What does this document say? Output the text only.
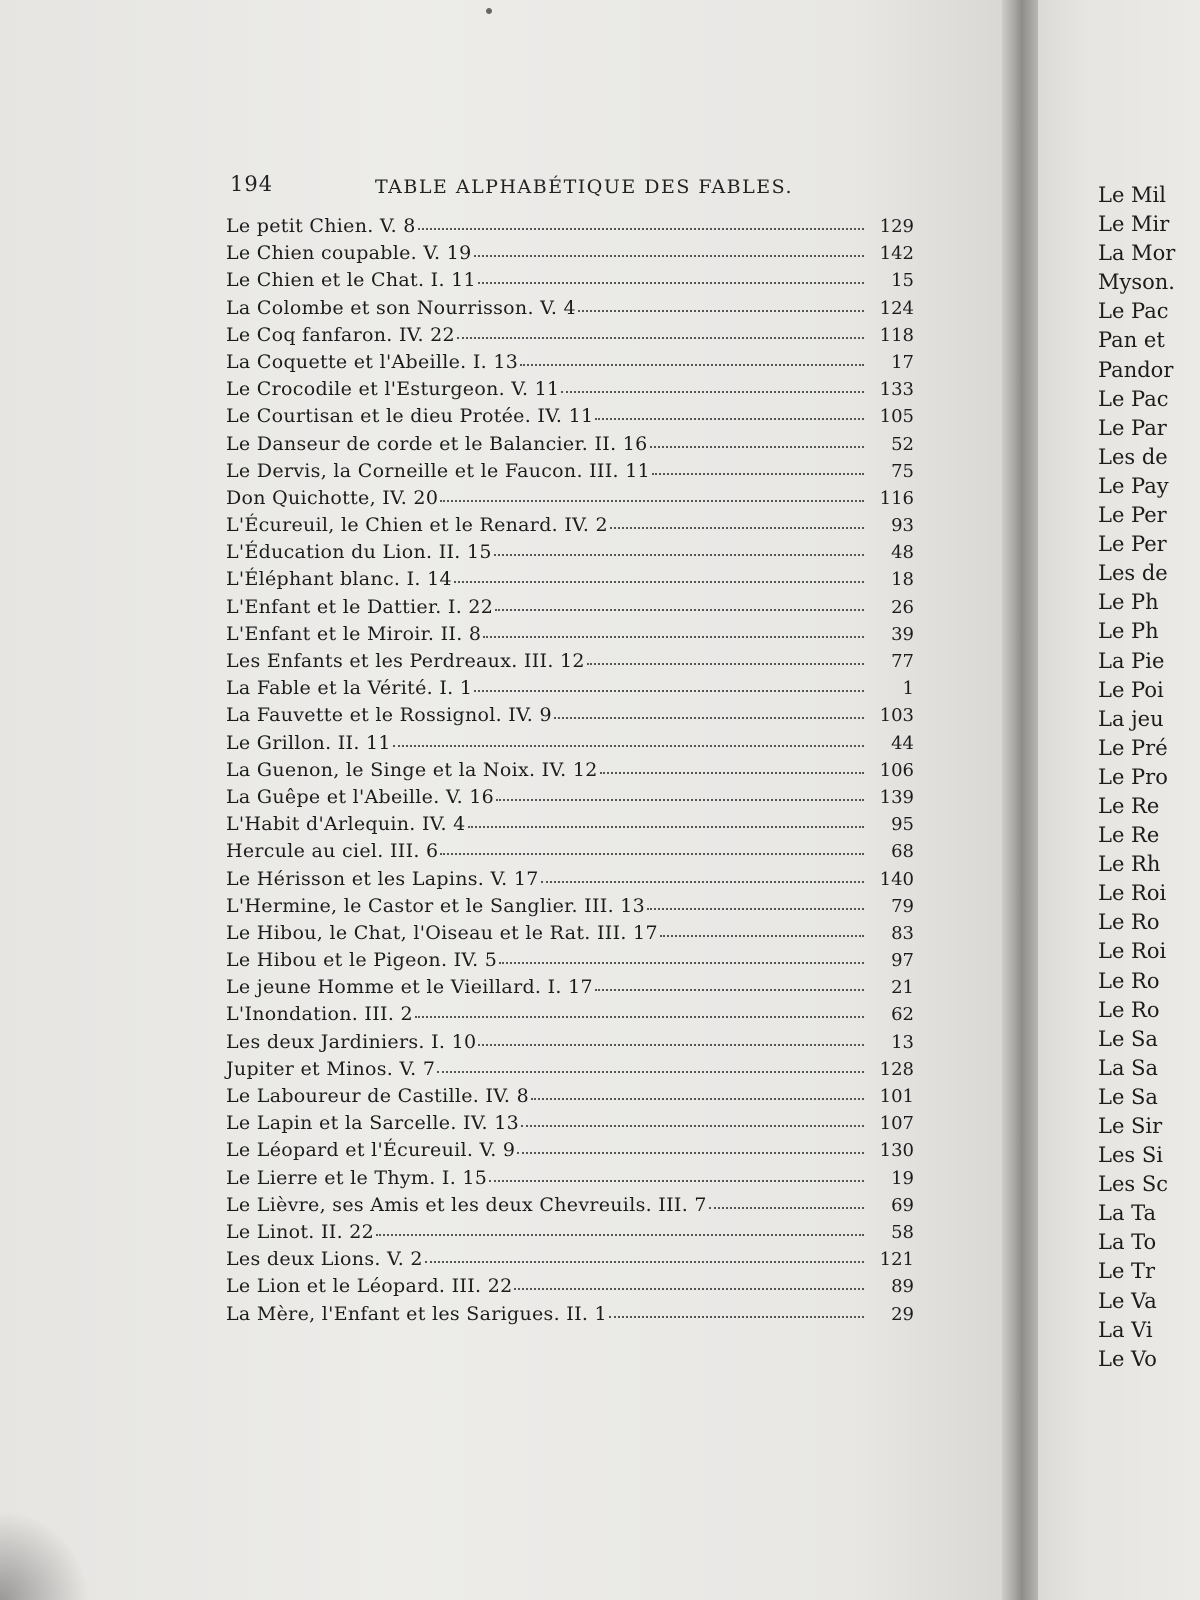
194	TABLE ALPHABÉTIQUE DES FABLES.
Le petit Chien. V. 8	129
Le Chien coupable. V. 19	142
Le Chien et le Chat. I. 11	15
La Colombe et son Nourrisson. V. 4	124
Le Coq fanfaron. IV. 22	118
La Coquette et l'Abeille. I. 13	17
Le Crocodile et l'Esturgeon. V. 11	133
Le Courtisan et le dieu Protée. IV. 11	105
Le Danseur de corde et le Balancier. II. 16	52
Le Dervis, la Corneille et le Faucon. III. 11	75
Don Quichotte, IV. 20	116
L'Écureuil, le Chien et le Renard. IV. 2	93
L'Éducation du Lion. II. 15	48
L'Éléphant blanc. I. 14	18
L'Enfant et le Dattier. I. 22	26
L'Enfant et le Miroir. II. 8	39
Les Enfants et les Perdreaux. III. 12	77
La Fable et la Vérité. I. 1	1
La Fauvette et le Rossignol. IV. 9	103
Le Grillon. II. 11	44
La Guenon, le Singe et la Noix. IV. 12	106
La Guêpe et l'Abeille. V. 16	139
L'Habit d'Arlequin. IV. 4	95
Hercule au ciel. III. 6	68
Le Hérisson et les Lapins. V. 17	140
L'Hermine, le Castor et le Sanglier. III. 13	79
Le Hibou, le Chat, l'Oiseau et le Rat. III. 17	83
Le Hibou et le Pigeon. IV. 5	97
Le jeune Homme et le Vieillard. I. 17	21
L'Inondation. III. 2	62
Les deux Jardiniers. I. 10	13
Jupiter et Minos. V. 7	128
Le Laboureur de Castille. IV. 8	101
Le Lapin et la Sarcelle. IV. 13	107
Le Léopard et l'Écureuil. V. 9	130
Le Lierre et le Thym. I. 15	19
Le Lièvre, ses Amis et les deux Chevreuils. III. 7	69
Le Linot. II. 22	58
Les deux Lions. V. 2	121
Le Lion et le Léopard. III. 22	89
La Mère, l'Enfant et les Sarigues. II. 1	29
Le Mil
Le Mir
La Mor
Myson.
Le Pac
Pan et
Pandor
Le Pac
Le Par
Les de
Le Pay
Le Per
Le Per
Les de
Le Ph
Le Ph
La Pie
Le Poi
La jeu
Le Pré
Le Pro
Le Re
Le Re
Le Rh
Le Roi
Le Ro
Le Roi
Le Ro
Le Ro
Le Sa
La Sa
Le Sa
Le Sir
Les Si
Les Sc
La Ta
La To
Le Tr
Le Va
La Vi
Le Vo
